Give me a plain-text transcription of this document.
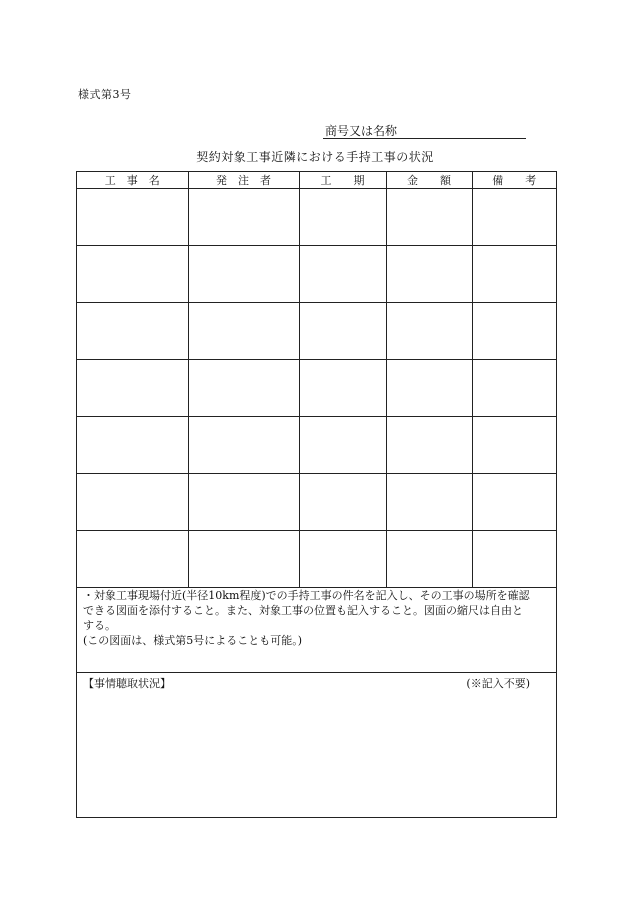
様式第3号
商号又は名称
契約対象工事近隣における手持工事の状況
工　事　名	発　注　者	工　　期	金　　額	備　　考

・対象工事現場付近(半径10km程度)での手持工事の件名を記入し、その工事の場所を確認
できる図面を添付すること。また、対象工事の位置も記入すること。図面の縮尺は自由と
する。
(この図面は、様式第5号によることも可能。)
【事情聴取状況】	(※記入不要)
